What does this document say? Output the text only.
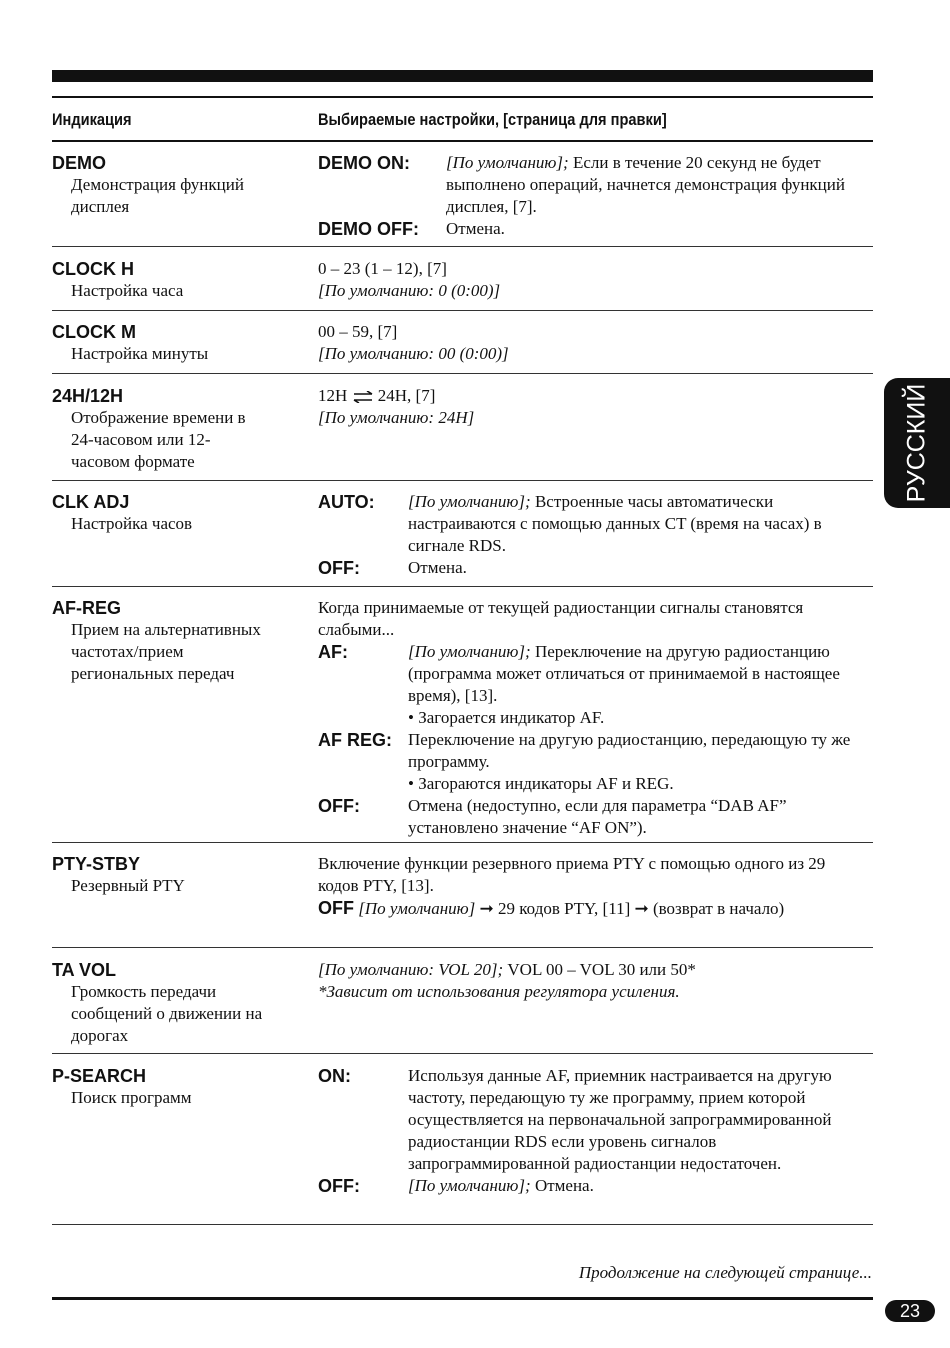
Индикация	Выбираемые настройки, [страница для правки]
DEMO
Демонстрация функций дисплея
DEMO ON:	[По умолчанию]; Если в течение 20 секунд не будет выполнено операций, начнется демонстрация функций дисплея, [7].
DEMO OFF:	Отмена.
CLOCK H
Настройка часа
0 – 23 (1 – 12), [7]
[По умолчанию: 0 (0:00)]
CLOCK M
Настройка минуты
00 – 59, [7]
[По умолчанию: 00 (0:00)]
24H/12H
Отображение времени в 24-часовом или 12-часовом формате
12H  24H, [7]
[По умолчанию: 24H]
CLK ADJ
Настройка часов
AUTO:	[По умолчанию]; Встроенные часы автоматически настраиваются с помощью данных CT (время на часах) в сигнале RDS.
OFF:	Отмена.
AF-REG
Прием на альтернативных частотах/прием региональных передач
Когда принимаемые от текущей радиостанции сигналы становятся слабыми...
AF:	[По умолчанию]; Переключение на другую радиостанцию (программа может отличаться от принимаемой в настоящее время), [13].
• Загорается индикатор AF.
AF REG: Переключение на другую радиостанцию, передающую ту же программу.
• Загораются индикаторы AF и REG.
OFF:	Отмена (недоступно, если для параметра “DAB AF” установлено значение “AF ON”).
PTY-STBY
Резервный PTY
Включение функции резервного приема PTY с помощью одного из 29 кодов PTY, [13].
OFF [По умолчанию] ➞ 29 кодов PTY, [11] ➞ (возврат в начало)
TA VOL
Громкость передачи сообщений о движении на дорогах
[По умолчанию: VOL 20]; VOL 00 – VOL 30 или 50*
*Зависит от использования регулятора усиления.
P-SEARCH
Поиск программ
ON:	Используя данные AF, приемник настраивается на другую частоту, передающую ту же программу, прием которой осуществляется на первоначальной запрограммированной радиостанции RDS если уровень сигналов запрограммированной радиостанции недостаточен.
OFF:	[По умолчанию]; Отмена.
Продолжение на следующей странице...
23
РУССКИЙ
